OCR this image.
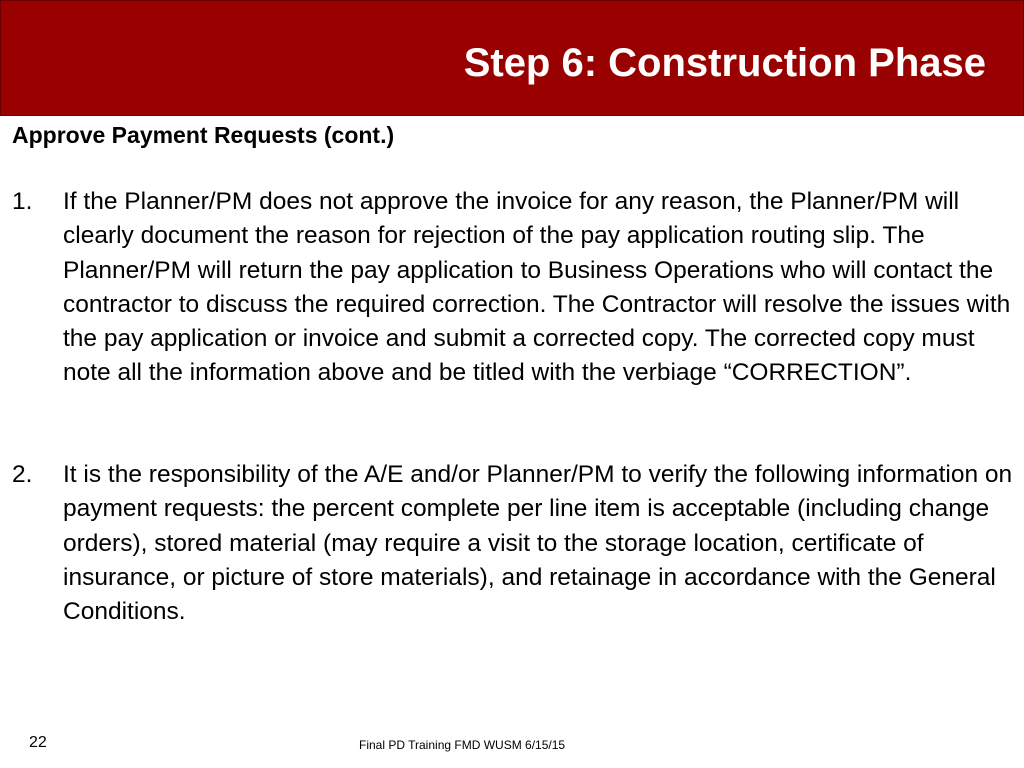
Step 6: Construction Phase
Approve Payment Requests (cont.)
1.	If the Planner/PM does not approve the invoice for any reason, the Planner/PM will clearly document the reason for rejection of the pay application routing slip. The Planner/PM will return the pay application to Business Operations who will contact the contractor to discuss the required correction. The Contractor will resolve the issues with the pay application or invoice and submit a corrected copy. The corrected copy must note all the information above and be titled with the verbiage “CORRECTION”.

2.	It is the responsibility of the A/E and/or Planner/PM to verify the following information on payment requests: the percent complete per line item is acceptable (including change orders), stored material (may require a visit to the storage location, certificate of insurance, or picture of store materials), and retainage in accordance with the General Conditions.

22	Final PD Training FMD WUSM 6/15/15
